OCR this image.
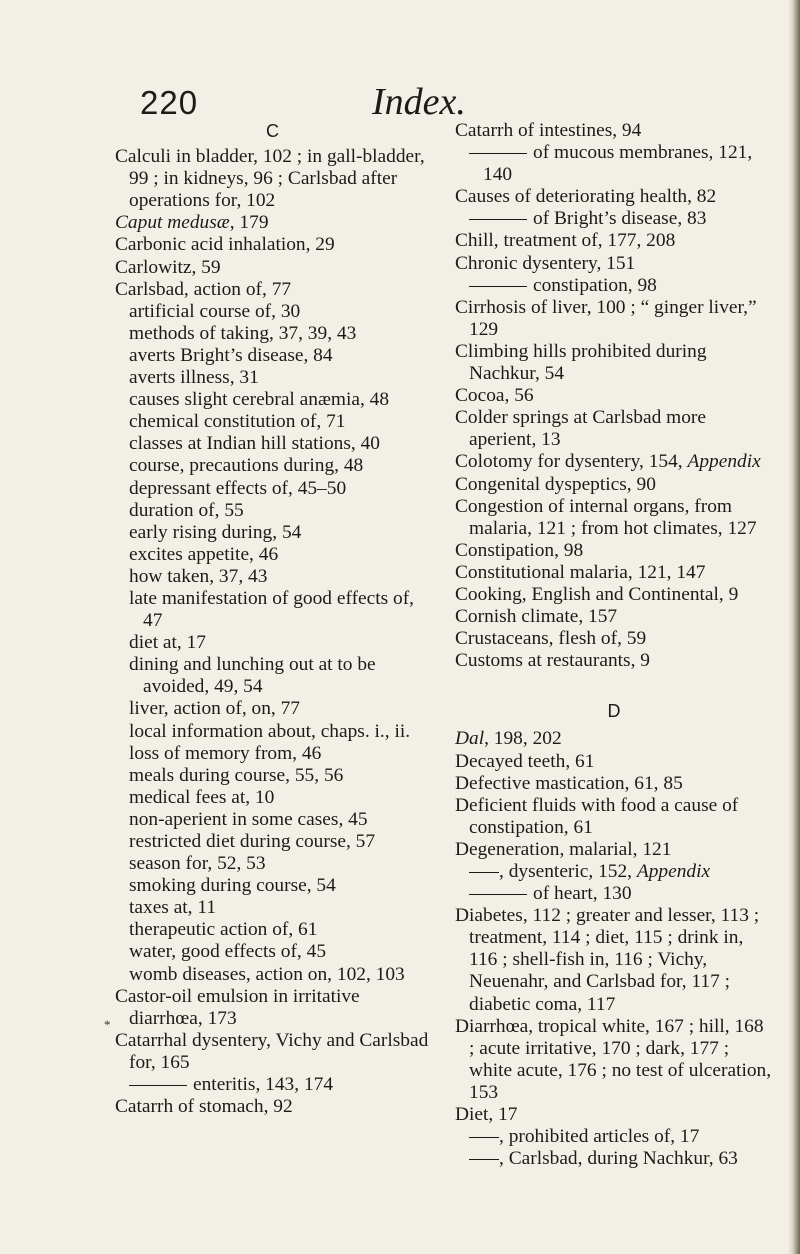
220	Index.
C
Calculi in bladder, 102 ; in gall-bladder, 99 ; in kidneys, 96 ; Carlsbad after operations for, 102
Caput medusæ, 179
Carbonic acid inhalation, 29
Carlowitz, 59
Carlsbad, action of, 77
artificial course of, 30
methods of taking, 37, 39, 43
averts Bright’s disease, 84
averts illness, 31
causes slight cerebral anæmia, 48
chemical constitution of, 71
classes at Indian hill stations, 40
course, precautions during, 48
depressant effects of, 45–50
duration of, 55
early rising during, 54
excites appetite, 46
how taken, 37, 43
late manifestation of good effects of, 47
diet at, 17
dining and lunching out at to be avoided, 49, 54
liver, action of, on, 77
local information about, chaps. i., ii.
loss of memory from, 46
meals during course, 55, 56
medical fees at, 10
non-aperient in some cases, 45
restricted diet during course, 57
season for, 52, 53
smoking during course, 54
taxes at, 11
therapeutic action of, 61
water, good effects of, 45
womb diseases, action on, 102, 103
Castor-oil emulsion in irritative diarrhœa, 173
Catarrhal dysentery, Vichy and Carlsbad for, 165
enteritis, 143, 174
Catarrh of stomach, 92
*
Catarrh of intestines, 94
of mucous membranes, 121, 140
Causes of deteriorating health, 82
of Bright’s disease, 83
Chill, treatment of, 177, 208
Chronic dysentery, 151
constipation, 98
Cirrhosis of liver, 100 ; “ ginger liver,” 129
Climbing hills prohibited during Nachkur, 54
Cocoa, 56
Colder springs at Carlsbad more aperient, 13
Colotomy for dysentery, 154, Appendix
Congenital dyspeptics, 90
Congestion of internal organs, from malaria, 121 ; from hot climates, 127
Constipation, 98
Constitutional malaria, 121, 147
Cooking, English and Continental, 9
Cornish climate, 157
Crustaceans, flesh of, 59
Customs at restaurants, 9
D
Dal, 198, 202
Decayed teeth, 61
Defective mastication, 61, 85
Deficient fluids with food a cause of constipation, 61
Degeneration, malarial, 121
, dysenteric, 152, Appendix
of heart, 130
Diabetes, 112 ; greater and lesser, 113 ; treatment, 114 ; diet, 115 ; drink in, 116 ; shell-fish in, 116 ; Vichy, Neuenahr, and Carlsbad for, 117 ; diabetic coma, 117
Diarrhœa, tropical white, 167 ; hill, 168 ; acute irritative, 170 ; dark, 177 ; white acute, 176 ; no test of ulceration, 153
Diet, 17
, prohibited articles of, 17
, Carlsbad, during Nachkur, 63
